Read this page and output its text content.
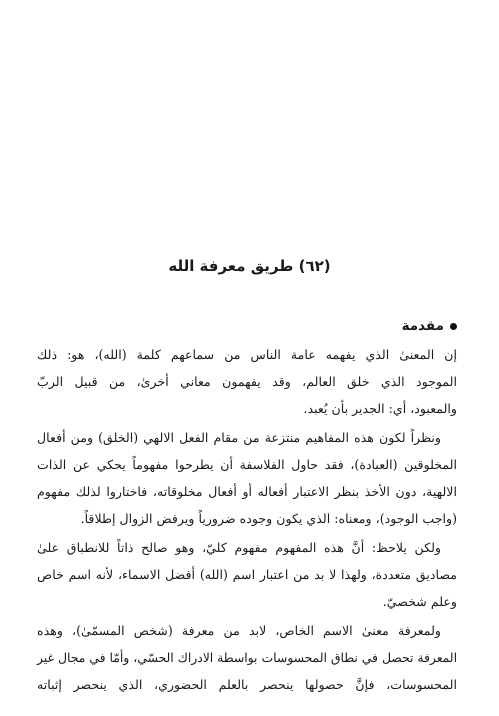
(٦٢) طريق معرفة الله
مقدمة
إن المعنىٰ الذي يفهمه عامة الناس من سماعهم كلمة (الله)، هو: ذلك
الموجود الذي خلق العالم، وقد يفهمون معاني أخرىٰ، من قبيل الربّ
والمعبود، أي: الجدير بأن يُعبد.
ونظراً لكون هذه المفاهيم منتزعة من مقام الفعل الالهي (الخلق) ومن أفعال
المخلوقين (العبادة)، فقد حاول الفلاسفة أن يطرحوا مفهوماً يحكي عن الذات
الالهية، دون الأخذ بنظر الاعتبار أفعاله أو أفعال مخلوقاته، فاختاروا لذلك مفهوم
(واجب الوجود)، ومعناه: الذي يكون وجوده ضرورياً ويرفض الزوال إطلاقاً.
ولكن يلاحظ: أنَّ هذه المفهوم مفهوم كليّ، وهو صالح ذاتاً للانطباق علىٰ
مصاديق متعددة، ولهذا لا بد من اعتبار اسم (الله) أفضل الاسماء، لأنه اسم خاص
وعلم شخصيّ.
ولمعرفة معنىٰ الاسم الخاص، لابد من معرفة (شخص المسمّىٰ)، وهذه
المعرفة تحصل في نطاق المحسوسات بواسطة الادراك الحسّي، وأمّا في مجال غير
المحسوسات، فإنَّ حصولها ينحصر بالعلم الحضوري، الذي ينحصر إثباته
